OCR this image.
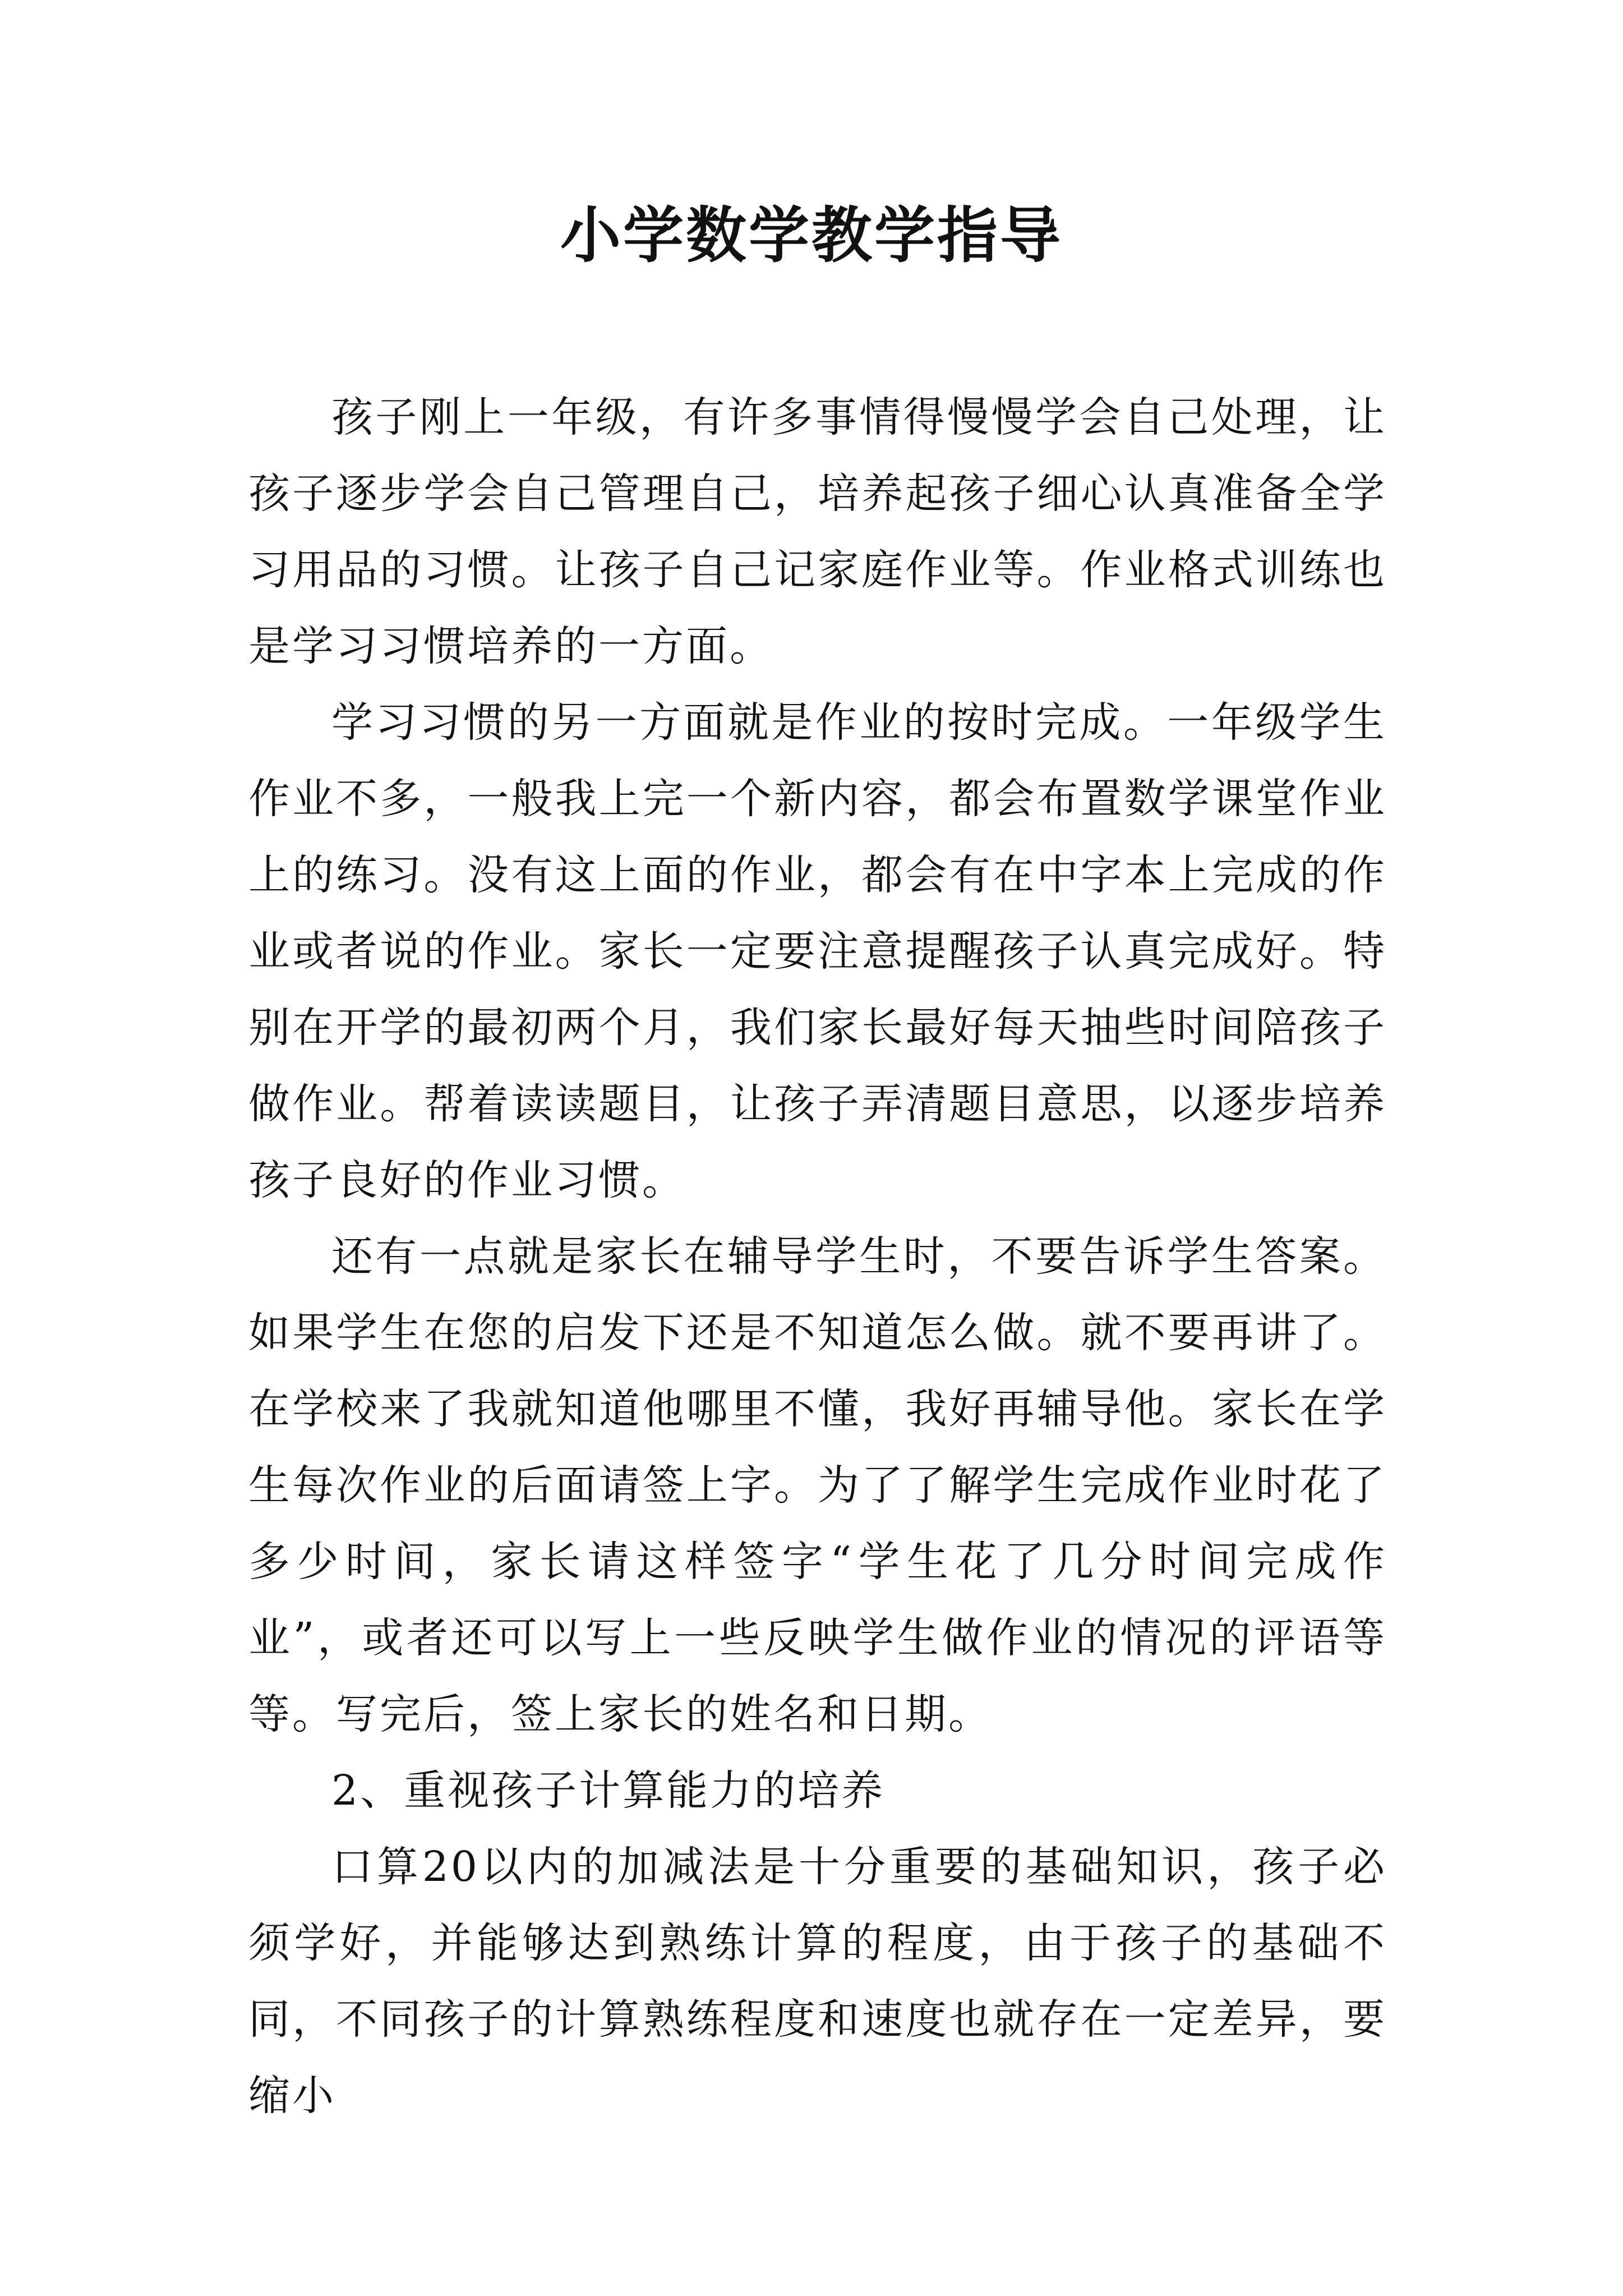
小学数学教学指导

孩子刚上一年级，有许多事情得慢慢学会自己处理，让孩子逐步学会自己管理自己，培养起孩子细心认真准备全学习用品的习惯。让孩子自己记家庭作业等。作业格式训练也是学习习惯培养的一方面。

学习习惯的另一方面就是作业的按时完成。一年级学生作业不多，一般我上完一个新内容，都会布置数学课堂作业上的练习。没有这上面的作业，都会有在中字本上完成的作业或者说的作业。家长一定要注意提醒孩子认真完成好。特别在开学的最初两个月，我们家长最好每天抽些时间陪孩子做作业。帮着读读题目，让孩子弄清题目意思，以逐步培养孩子良好的作业习惯。

还有一点就是家长在辅导学生时，不要告诉学生答案。如果学生在您的启发下还是不知道怎么做。就不要再讲了。在学校来了我就知道他哪里不懂，我好再辅导他。家长在学生每次作业的后面请签上字。为了了解学生完成作业时花了多少时间，家长请这样签字“学生花了几分时间完成作业”，或者还可以写上一些反映学生做作业的情况的评语等等。写完后，签上家长的姓名和日期。

2、重视孩子计算能力的培养

口算20以内的加减法是十分重要的基础知识，孩子必须学好，并能够达到熟练计算的程度，由于孩子的基础不同，不同孩子的计算熟练程度和速度也就存在一定差异，要缩小
